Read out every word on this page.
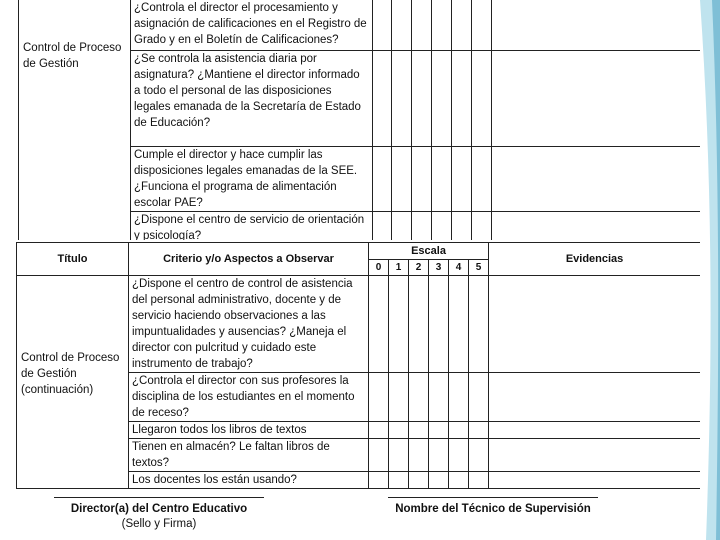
Control de Proceso de Gestión	¿Controla el director el procesamiento y asignación de calificaciones en el Registro de Grado y en el Boletín de Calificaciones?							
	¿Se controla la asistencia diaria por asignatura? ¿Mantiene el director informado a todo el personal de las disposiciones legales emanada de la Secretaría de Estado de Educación?							
	Cumple el director y hace cumplir las disposiciones legales emanadas de la SEE. ¿Funciona el programa de alimentación escolar PAE?							
	¿Dispone el centro de servicio de orientación y psicología?							
Título	Criterio y/o Aspectos a Observar	Escala						Evidencias
		0	1	2	3	4	5	
Control de Proceso de Gestión (continuación)	¿Dispone el centro de control de asistencia del personal administrativo, docente y de servicio haciendo observaciones a las impuntualidades y ausencias? ¿Maneja el director con pulcritud y cuidado este instrumento de trabajo?							
	¿Controla el director con sus profesores la disciplina de los estudiantes en el momento de receso?							
	Llegaron todos los libros de textos							
	Tienen en almacén? Le faltan libros de textos?							
	Los docentes los están usando?							
Director(a) del Centro Educativo
(Sello y Firma)
Nombre del Técnico de Supervisión
